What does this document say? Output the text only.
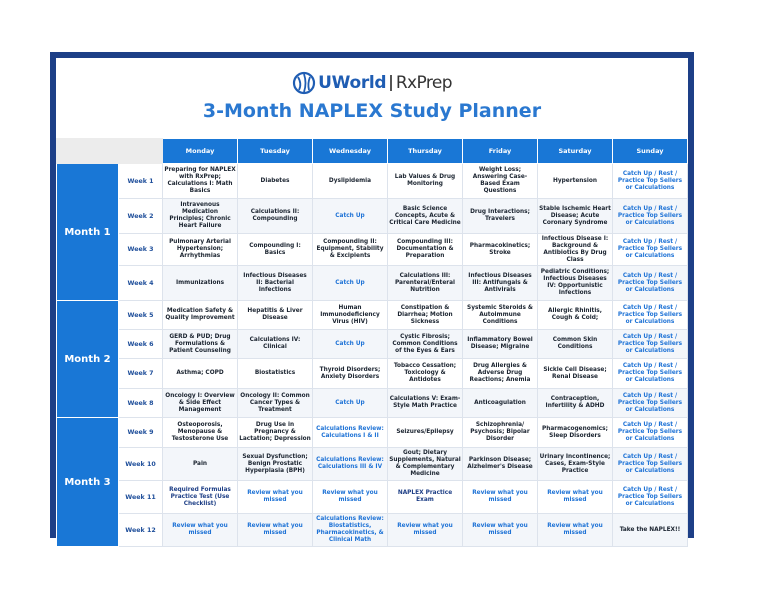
UWorld RxPrep
3-Month NAPLEX Study Planner
		Monday	Tuesday	Wednesday	Thursday	Friday	Saturday	Sunday
Month 1	Week 1	Preparing for NAPLEX with RxPrep; Calculations I: Math Basics	Diabetes	Dyslipidemia	Lab Values & Drug Monitoring	Weight Loss; Answering Case-Based Exam Questions	Hypertension	Catch Up / Rest / Practice Top Sellers or Calculations
	Week 2	Intravenous Medication Principles; Chronic Heart Failure	Calculations II: Compounding	Catch Up	Basic Science Concepts, Acute & Critical Care Medicine	Drug Interactions; Travelers	Stable Ischemic Heart Disease; Acute Coronary Syndrome	Catch Up / Rest / Practice Top Sellers or Calculations
	Week 3	Pulmonary Arterial Hypertension; Arrhythmias	Compounding I: Basics	Compounding II: Equipment, Stability & Excipients	Compounding III: Documentation & Preparation	Pharmacokinetics; Stroke	Infectious Disease I: Background & Antibiotics By Drug Class	Catch Up / Rest / Practice Top Sellers or Calculations
	Week 4	Immunizations	Infectious Diseases II: Bacterial Infections	Catch Up	Calculations III: Parenteral/Enteral Nutrition	Infectious Diseases III: Antifungals & Antivirals	Pediatric Conditions; Infectious Diseases IV: Opportunistic Infections	Catch Up / Rest / Practice Top Sellers or Calculations
Month 2	Week 5	Medication Safety & Quality Improvement	Hepatitis & Liver Disease	Human Immunodeficiency Virus (HIV)	Constipation & Diarrhea; Motion Sickness	Systemic Steroids & Autoimmune Conditions	Allergic Rhinitis, Cough & Cold;	Catch Up / Rest / Practice Top Sellers or Calculations
	Week 6	GERD & PUD; Drug Formulations & Patient Counseling	Calculations IV: Clinical	Catch Up	Cystic Fibrosis; Common Conditions of the Eyes & Ears	Inflammatory Bowel Disease; Migraine	Common Skin Conditions	Catch Up / Rest / Practice Top Sellers or Calculations
	Week 7	Asthma; COPD	Biostatistics	Thyroid Disorders; Anxiety Disorders	Tobacco Cessation; Toxicology & Antidotes	Drug Allergies & Adverse Drug Reactions; Anemia	Sickle Cell Disease; Renal Disease	Catch Up / Rest / Practice Top Sellers or Calculations
	Week 8	Oncology I: Overview & Side Effect Management	Oncology II: Common Cancer Types & Treatment	Catch Up	Calculations V: Exam-Style Math Practice	Anticoagulation	Contraception, Infertility & ADHD	Catch Up / Rest / Practice Top Sellers or Calculations
Month 3	Week 9	Osteoporosis, Menopause & Testosterone Use	Drug Use in Pregnancy & Lactation; Depression	Calculations Review: Calculations I & II	Seizures/Epilepsy	Schizophrenia/ Psychosis; Bipolar Disorder	Pharmacogenomics; Sleep Disorders	Catch Up / Rest / Practice Top Sellers or Calculations
	Week 10	Pain	Sexual Dysfunction; Benign Prostatic Hyperplasia (BPH)	Calculations Review: Calculations III & IV	Gout; Dietary Supplements, Natural & Complementary Medicine	Parkinson Disease; Alzheimer's Disease	Urinary Incontinence; Cases, Exam-Style Practice	Catch Up / Rest / Practice Top Sellers or Calculations
	Week 11	Required Formulas Practice Test (Use Checklist)	Review what you missed	Review what you missed	NAPLEX Practice Exam	Review what you missed	Review what you missed	Catch Up / Rest / Practice Top Sellers or Calculations
	Week 12	Review what you missed	Review what you missed	Calculations Review: Biostatistics, Pharmacokinetics, & Clinical Math	Review what you missed	Review what you missed	Review what you missed	Take the NAPLEX!!
